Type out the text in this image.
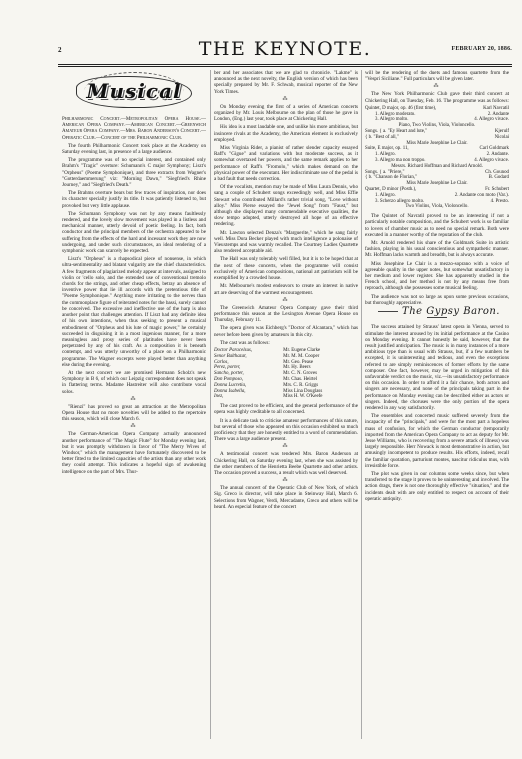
2	THE KEYNOTE.	FEBRUARY 20, 1886.
Musical

Philharmonic Concert.—Metropolitan Opera House.—American Opera Company.—American Concert.—Greenwich Amateur Opera Company.—Mrs. Baron Anderson's Concert.—Operatic Club.—Concert of the Philharmonic Club.

The fourth Philharmonic Concert took place at the Academy on Saturday evening last, in presence of a large audience.

The programme was of no special interest, and contained only Brahm's "Tragic" overture: Schumann's C major Symphony; Liszt's "Orpheus" (Poeme Symphonique), and three extracts from Wagner's "Gotterdaemmerung" viz: "Morning Dawn," "Siegfried's Rhine Journey," and "Siegfried's Death."

The Brahms overture bears but few traces of inspiration, nor does its character specially justify its title. It was patiently listened to, but provoked but very little applause.

The Schumann Symphony was not by any means faultlessly rendered, and the lovely slow movement was played in a listless and mechanical manner, utterly devoid of poetic feeling. In fact, both conductor and the principal members of the orchestra appeared to be suffering from the effects of the hard and incessant work they are now undergoing, and under such circumstances, an ideal rendering of a symphonic work can scarcely be expected.

Liszt's "Orpheus" is a rhapsodical piece of nonsense, in which ultra-sentimentality and blatant vulgarity are the chief characteristics. A few fragments of plagiarized melody appear at intervals, assigned to violin or 'cello solo, and the extended use of conventional tremolo chords for the strings, and other cheap effects, betray an absence of inventive power that lie ill accords with the pretentious title of "Poeme Symphonique." Anything more irritating to the nerves than the commonplace figure of reiterated notes for the bassi, surely cannot be conceived. The excessive and ineffective use of the harp is also another point that challenges attention. If Liszt had any definite idea of his own intentions, when thus seeking to present a musical embodiment of "Orpheus and his lute of magic power," he certainly succeeded in disguising it in a most ingenious manner, for a more meaningless and prosy series of platitudes have never been perpetrated by any of his craft. As a composition it is beneath contempt, and was utterly unworthy of a place on a Philharmonic programme. The Wagner excerpts were played better than anything else during the evening.

At the next concert we are promised Hermann Scholz's new Symphony in B 6, of which our Leipzig correspondent does not speak in flattering terms. Madame Hastreiter will also contribute vocal solos.

⁂

"Rienzi" has proved so great an attraction at the Metropolitan Opera House that no more novelties will be added to the repertoire this season, which will close March 6.

⁂

The German-American Opera Company actually announced another performance of "The Magic Flute" for Monday evening last, but it was promptly withdrawn in favor of "The Merry Wives of Windsor," which the management have fortunately discovered to be better fitted to the limited capacities of the artists than any other work they could attempt. This indicates a hopeful sign of awakening intelligence on the part of Mrs. Thur-

ber and her associates that we are glad to chronicle. "Lakme" is announced as the next novelty, the English version of which has been specially prepared by Mr. F. Schwab, musical reporter of the New York Times.

⁂

On Monday evening the first of a series of American concerts organized by Mr. Louis Melbourne on the plan of those he gave in London, (Eng.) last year, took place at Chickering Hall.

His idea is a most laudable one, and unlike his more ambitious, but insincere rivals at the Academy, the American element is exclusively employed.

Miss Virginia Rider, a pianist of rather slender capacity essayed Raff's "Gigue" and variations with but moderate success, as it somewhat overtaxed her powers, and the same remark applies to her performance of Raff's "Fromolo," which makes demand on the physical power of the executant. Her indiscriminate use of the pedal is a bad fault that needs correction.

Of the vocalists, mention may be made of Miss Laura Dennis, who sang a couple of Schubert songs exceedingly well, and Miss Effie Stewart who contributed Millard's rather trivial song, "Love without alloy." Miss Pierse essayed the "Jewel Song" from "Faust," but although she displayed many commendable executive qualities, the slow tempo adopted, utterly destroyed all hope of an effective rendering.

Mr. Lawton selected Denza's "Marguerite," which he sang fairly well. Miss Dora Becker played with much intelligence a polonaise of Vieuxtemps and was warmly recalled. The Courtney Ladies Quartette also rendered acceptable aid.

The Hall was only tolerably well filled, but it is to be hoped that at the next of these concerts, when the programme will consist exclusively of American compositions, national art patriotism will be exemplified by a crowded house.

Mr. Melbourne's modest endeavors to create an interest in native art are deserving of the warmest encouragement.

⁂

The Greenwich Amateur Opera Company gave their third performance this season at the Lexington Avenue Opera House on Thursday, February 11.

The opera given was Eichberg's "Doctor of Alcantara," which has never before been given by amateurs in this city.

The cast was as follows:

Doctor Paracelsus,	Mr. Eugene Clarke
Senor Balthazar,	Mr. M. M. Cooper
Carlos,	Mr. Geo. Pease
Perez, porter,	Mr. Hy. Beers
Sancho, porter,	Mr. C. N. Groves
Don Pomposo,	Mr. Chas. Heirtel
Donna Lucretia,	Mrs. C. R. Griggs
Donna Isabella,	Miss Lina Douglass
Inez,	Miss H. W. O'Keefe

The cast proved to be efficient, and the general performance of the opera was highly creditable to all concerned.

It is a delicate task to criticise amateur performances of this nature, but several of those who appeared on this occasion exhibited so much proficiency that they are honestly entitled to a word of commendation. There was a large audience present.

⁂

A testimonial concert was tendered Mrs. Baron Anderson at Chickering Hall, on Saturday evening last, when she was assisted by the other members of the Henrietta Beebe Quartette and other artists. The occasion proved a success, a result which was well deserved.

⁂

The annual concert of the Operatic Club of New York, of which Sig. Greco is director, will take place in Steinway Hall, March 6. Selections from Wagner, Verdi, Mercadante, Greco and others will be heard. An especial feature of the concert

will be the rendering of the duets and famous quartette from the "Vespri Siciliane." Full particulars will be given later.

⁂

The New York Philharmonic Club gave their third concert at Chickering Hall, on Tuesday, Feb. 16. The programme was as follows:

Quintet, D major, op. 46 (first time),	Karl Navratil
1. Allegro moderato.	2. Andante
3. Allegro molto.	4. Allegro vivace.
Piano, Two Violins, Viola, Violoncello.
Songs. { a. "Ey Heart and lute,"	Kjerulf
{ b. "Best of all,"	Nicolai
Miss Marie Josephine Le Clair.
Suite, E major, op. 11,	Carl Goldmark
1. Allegro.	2. Andante.
3. Allegro ma non troppo.	4. Allegro vivace.
Messrs. Richard Hoffman and Richard Arnold.
Songs. { a. "Priere,"	Ch. Gounod
{ b. "Chanson de Florian,"	B. Godard
Miss Marie Josephine Le Clair.
Quartet, D minor (Posth.),	Fr. Schubert
1. Allegro.	2. Andante con moto (Var.).
3. Scherzo allegro molto.	4. Presto.
Two Violins, Viola, Violoncello.

The Quintet of Navratil proved to be an interesting if not a particularly notable composition, and the Schubert work is so familiar to lovers of chamber music as to need no special remark. Both were executed in a manner worthy of the reputation of the club.

Mr. Arnold rendered his share of the Goldmark Suite in artistic fashion, playing in his usual conscientious and sympathetic manner. Mr. Hoffman lacks warmth and breadth, but is always accurate.

Miss Josephine Le Clair is a mezzo-soprano with a voice of agreeable quality in the upper notes, but somewhat unsatisfactory in her medium and lower register. She has apparently studied in the French school, and her method is not by any means free from reproach, although she possesses some musical feeling.

The audience was not so large as upon some previous occasions, but thoroughly appreciative.

The Gypsy Baron.

The success attained by Strauss' latest opera in Vienna, served to stimulate the interest aroused by its initial performance at the Casino on Monday evening. It cannot honestly be said, however, that the result justified anticipation. The music is in many instances of a more ambitious type than is usual with Strauss, but, if a few numbers be excepted, it is uninteresting and tedious, and even the exceptions referred to are simply reminiscences of former efforts by the same composer. One fact, however, may be urged in mitigation of this unfavorable verdict on the music, viz.—its unsatisfactory performance on this occasion. In order to afford it a fair chance, both actors and singers are necessary, and none of the principals taking part in the performance on Monday evening can be described either as actors or singers. Indeed, the choruses were the only portion of the opera rendered in any way satisfactorily.

The ensembles and concerted music suffered severely from the incapacity of the "principals," and were for the most part a hopeless mass of confusion, for which the German conductor (temporarily imported from the American Opera Company to act as deputy for Mr. Jesse Williams, who is recovering from a severe attack of illness) was largely responsible. Herr Nowack is most demonstrative in action, but amusingly incompetent to produce results. His efforts, indeed, recall the familiar quotation, parturiunt montes, nascitur ridiculus mus, with irresistible force.

The plot was given in our columns some weeks since, but when transferred to the stage it proves to be uninteresting and involved. The action drags, there is not one thoroughly effective "situation," and the incidents dealt with are only entitled to respect on account of their operatic antiquity.
